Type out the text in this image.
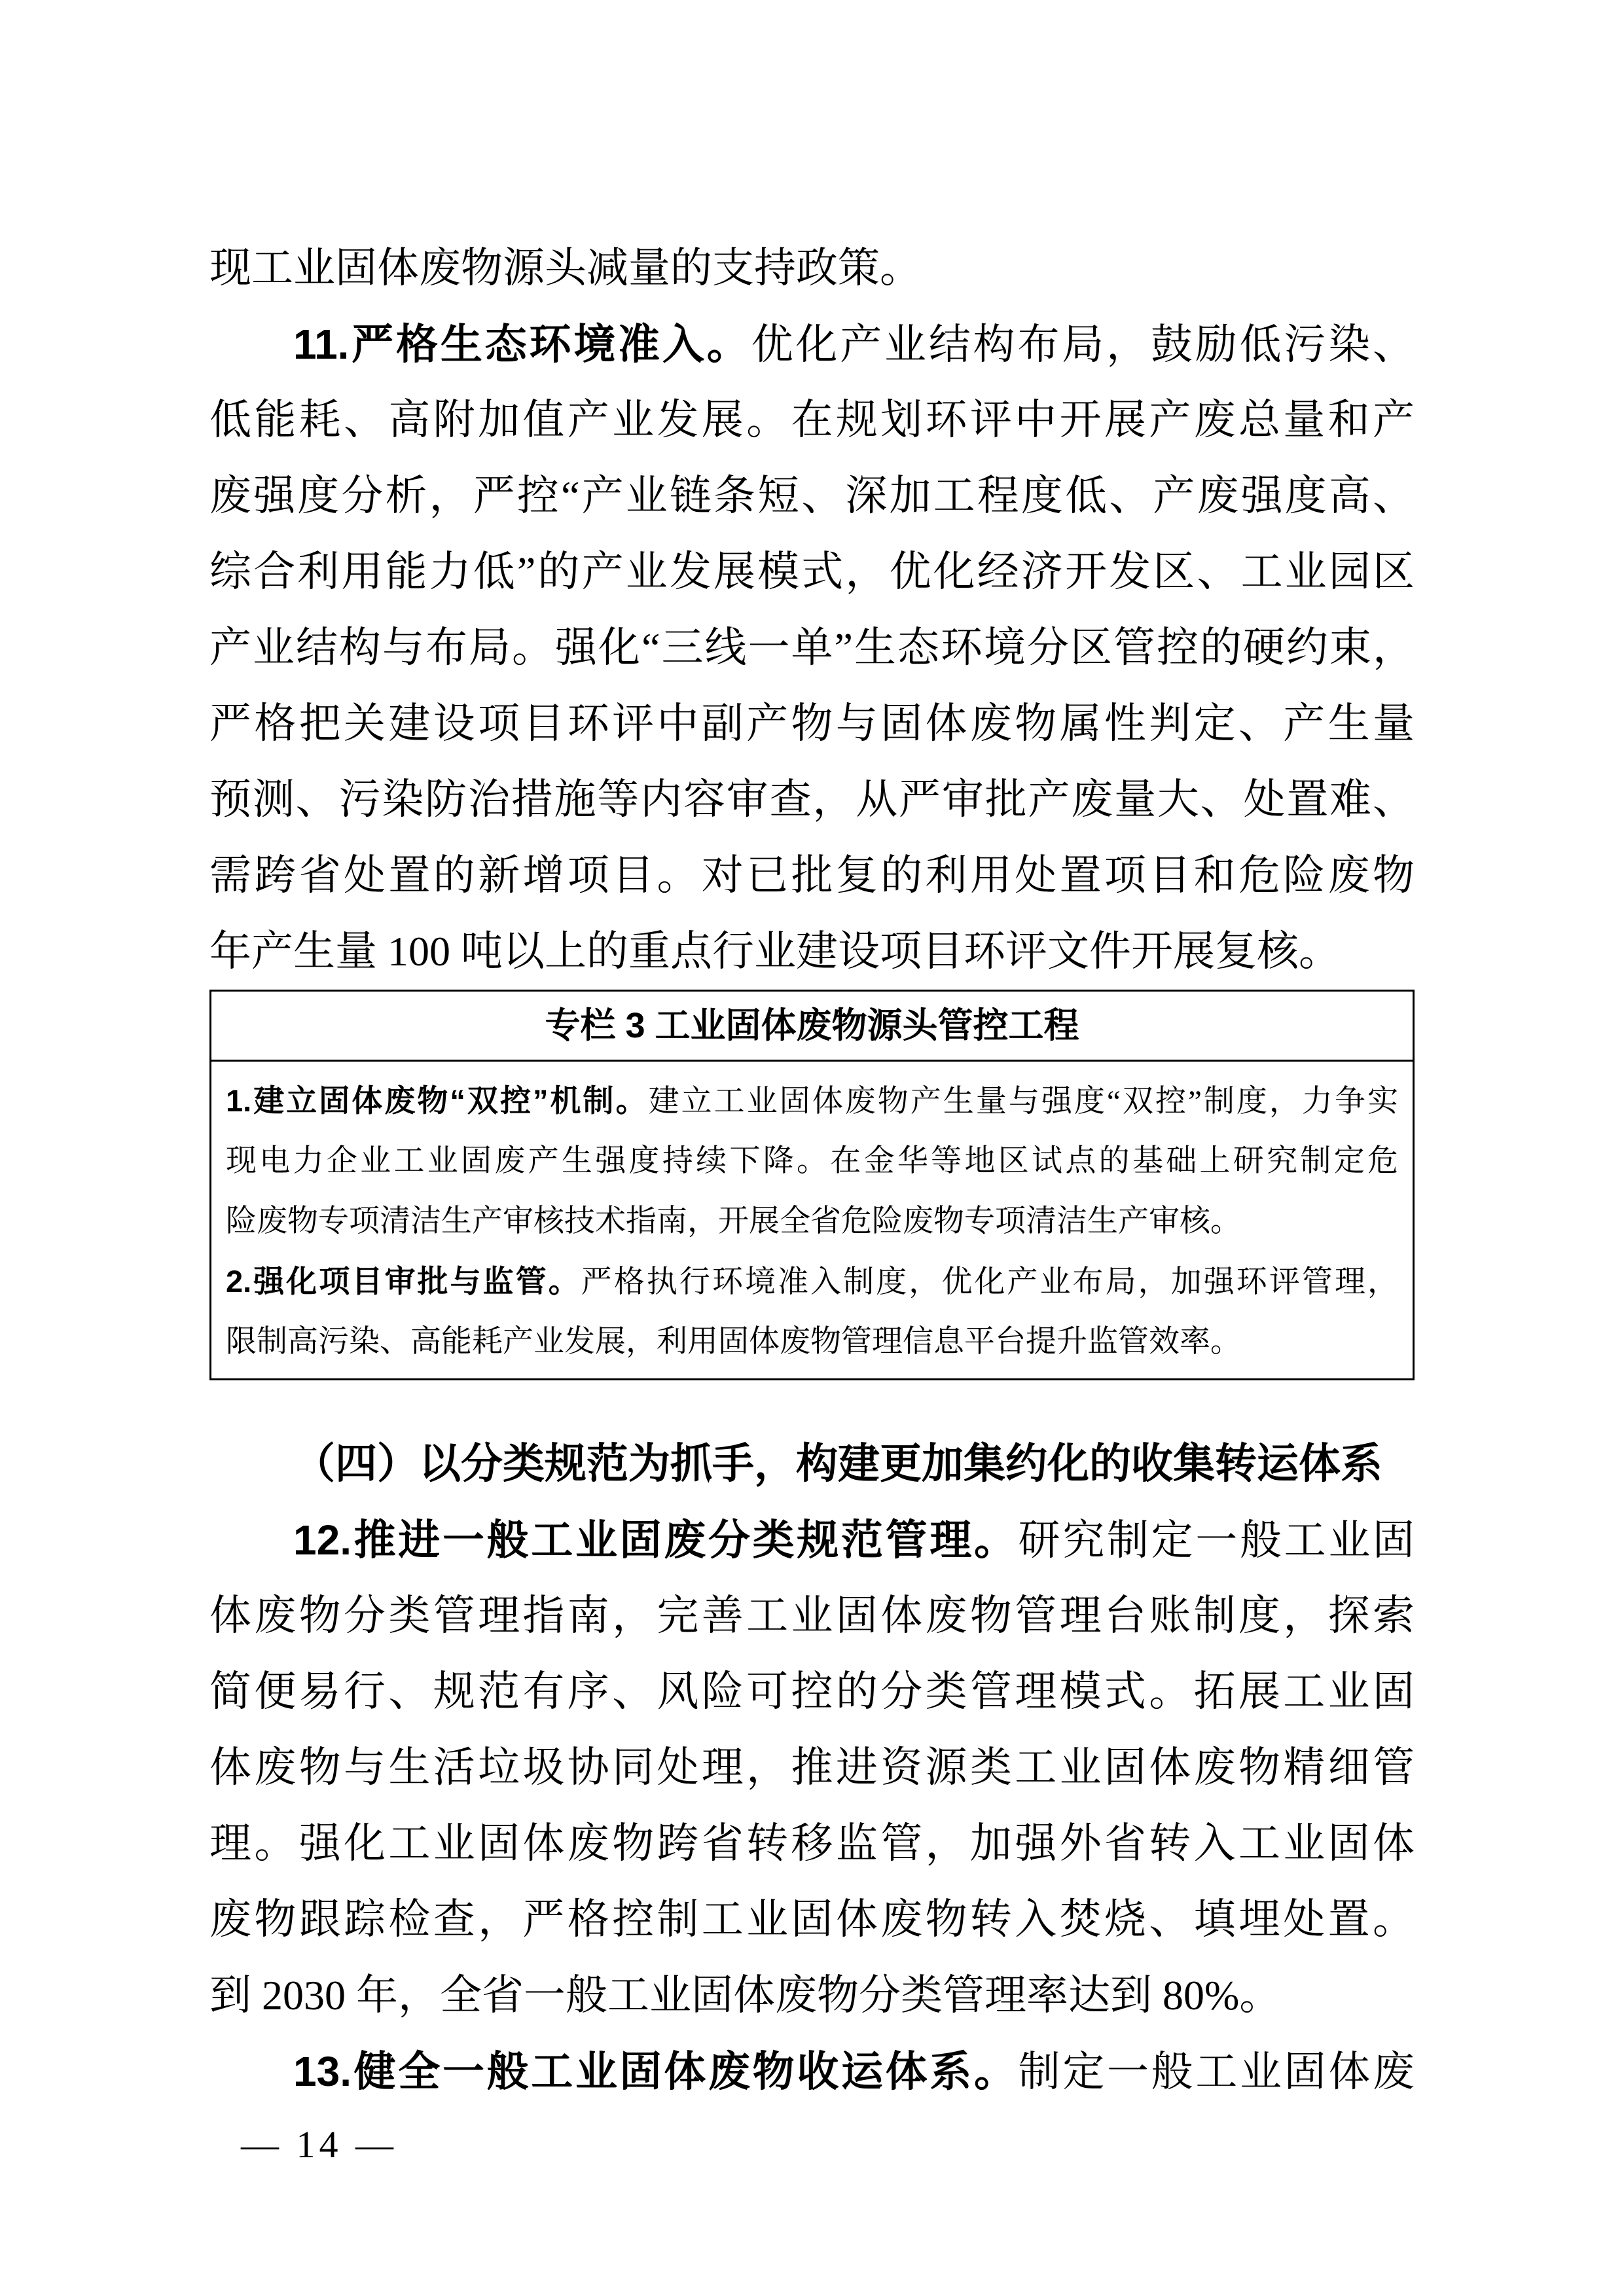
现工业固体废物源头减量的支持政策。
11.严格生态环境准入。优化产业结构布局，鼓励低污染、
低能耗、高附加值产业发展。在规划环评中开展产废总量和产
废强度分析，严控“产业链条短、深加工程度低、产废强度高、
综合利用能力低”的产业发展模式，优化经济开发区、工业园区
产业结构与布局。强化“三线一单”生态环境分区管控的硬约束，
严格把关建设项目环评中副产物与固体废物属性判定、产生量
预测、污染防治措施等内容审查，从严审批产废量大、处置难、
需跨省处置的新增项目。对已批复的利用处置项目和危险废物
年产生量 100 吨以上的重点行业建设项目环评文件开展复核。
专栏 3 工业固体废物源头管控工程
1.建立固体废物“双控”机制。建立工业固体废物产生量与强度“双控”制度，力争实
现电力企业工业固废产生强度持续下降。在金华等地区试点的基础上研究制定危
险废物专项清洁生产审核技术指南，开展全省危险废物专项清洁生产审核。
2.强化项目审批与监管。严格执行环境准入制度，优化产业布局，加强环评管理，
限制高污染、高能耗产业发展，利用固体废物管理信息平台提升监管效率。
（四）以分类规范为抓手，构建更加集约化的收集转运体系
12.推进一般工业固废分类规范管理。研究制定一般工业固
体废物分类管理指南，完善工业固体废物管理台账制度，探索
简便易行、规范有序、风险可控的分类管理模式。拓展工业固
体废物与生活垃圾协同处理，推进资源类工业固体废物精细管
理。强化工业固体废物跨省转移监管，加强外省转入工业固体
废物跟踪检查，严格控制工业固体废物转入焚烧、填埋处置。
到 2030 年，全省一般工业固体废物分类管理率达到 80%。
13.健全一般工业固体废物收运体系。制定一般工业固体废
— 14 —
